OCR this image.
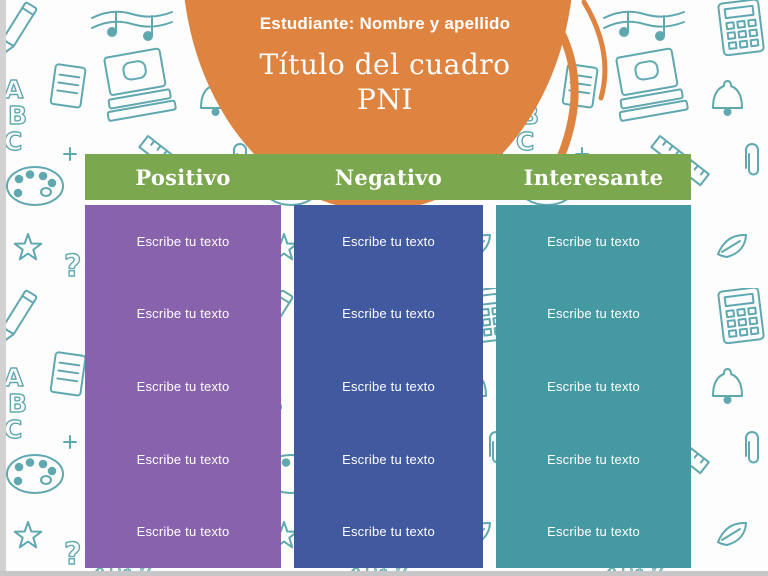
Estudiante: Nombre y apellido
Título del cuadro
PNI
Positivo	Negativo	Interesante
Escribe tu texto
Escribe tu texto
Escribe tu texto
Escribe tu texto
Escribe tu texto
Escribe tu texto
Escribe tu texto
Escribe tu texto
Escribe tu texto
Escribe tu texto
Escribe tu texto
Escribe tu texto
Escribe tu texto
Escribe tu texto
Escribe tu texto
